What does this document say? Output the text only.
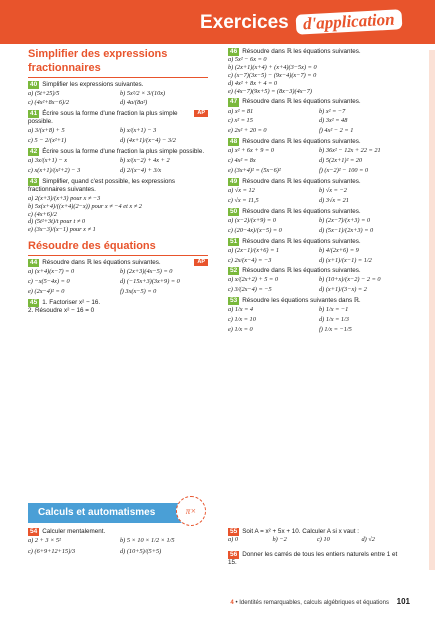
Exercices d'application
Simplifier des expressions fractionnaires
40 Simplifier les expressions suivantes.
a) (5t+25)/5	b) 5x²/2 × 3/(10x)
c) (4x²+8x−6)/2	d) 4a/(8a²)
AP
41 Écrire sous la forme d'une fraction la plus simple possible.
a) 3/(x+8) + 5	b) x/(x+1) − 3
c) 5 − 2/(x²+1)	d) (4x+1)/(x−4) − 3/2
42 Écrire sous la forme d'une fraction la plus simple possible.
a) 3x/(x+1) − x	b) x/(x−2) + 4x + 2
c) x(x+1)/(x²+2) − 3	d) 2/(x−4) + 3/x
43 Simplifier, quand c'est possible, les expressions fractionnaires suivantes.
a) 2(x+3)/(x+3) pour x ≠ −3
b) 5x(x+4)/((x+4)(2−x)) pour x ≠ −4 et x ≠ 2
c) (4x+6)/2
d) (5t²+3t)/t pour t ≠ 0
e) (3x−3)/(x−1) pour x ≠ 1
Résoudre des équations
AP
44 Résoudre dans ℝ les équations suivantes.
a) (x+4)(x−7) = 0	b) (2x+3)(4x−5) = 0
c) −x(5−4x) = 0	d) (−15x+3)(3x+9) = 0
e) (2x−4)² = 0	f) 3x(x−5) = 0
45 1. Factoriser x² − 16.
2. Résoudre x² − 16 = 0
46 Résoudre dans ℝ les équations suivantes.
a) 5x² − 6x = 0
b) (2x+1)(x+4) + (x+4)(3−5x) = 0
c) (x−7)(3x−5) − (9x−4)(x−7) = 0
d) 4x² + 8x + 4 = 0
e) (4x−7)(9x+5) = (8x−3)(4x−7)
47 Résoudre dans ℝ les équations suivantes.
a) x² = 81	b) x² = −7
c) x² = 15	d) 3x² = 48
e) 2x² + 20 = 0	f) 4x² − 2 = 1
48 Résoudre dans ℝ les équations suivantes.
a) x² + 6x + 9 = 0	b) 36x² − 12x + 22 = 21
c) 4x² = 8x	d) 5(2x+1)² = 20
e) (3x+4)² = (5x−6)²	f) (x−2)² − 100 = 0
49 Résoudre dans ℝ les équations suivantes.
a) √x = 12	b) √x = −2
c) √x = 11,5	d) 3√x = 21
50 Résoudre dans ℝ les équations suivantes.
a) (x−2)/(x+9) = 0	b) (2x−7)/(x+3) = 0
c) (20−4x)/(x−5) = 0	d) (5x−1)/(2x+3) = 0
51 Résoudre dans ℝ les équations suivantes.
a) (2x−1)/(x+6) = 1	b) 4/(2x+6) = 9
c) 2x/(x−4) = −3	d) (x+1)/(x−1) = 1/2
52 Résoudre dans ℝ les équations suivantes.
a) x/(2x+2) + 5 = 0	b) (10+x)/(x−2) − 2 = 0
c) 3/(2x−4) = −5	d) (x+1)/(3−x) = 2
53 Résoudre les équations suivantes dans ℝ.
a) 1/x = 4	b) 1/x = −1
c) 1/x = 10	d) 1/x = 1/3
e) 1/x = 0	f) 1/x = −1/5
Calculs et automatismes	π×
54 Calculer mentalement.
a) 2 + 3 × 5²	b) 5 × 10 × 1/2 × 1/5
c) (6+9+12+15)/3	d) (10+5)/(5+5)
55 Soit A = x² + 5x + 10. Calculer A si x vaut :
a) 0	b) −2	c) 10	d) √2
56 Donner les carrés de tous les entiers naturels entre 1 et 15.
4 • Identités remarquables, calculs algébriques et équations 101
